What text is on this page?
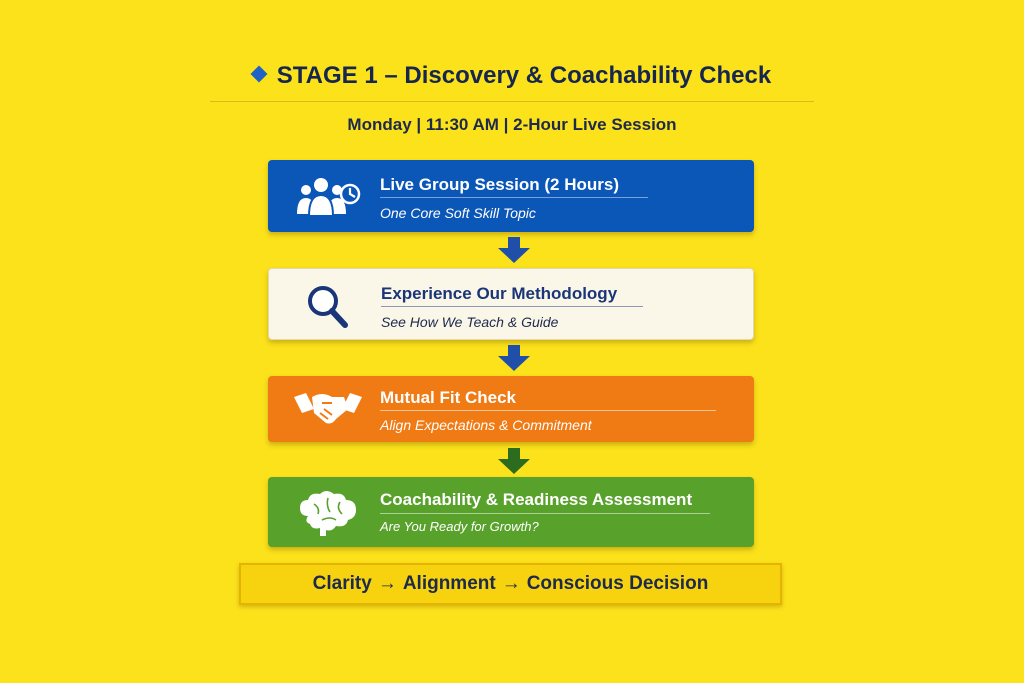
STAGE 1 – Discovery & Coachability Check
Monday | 11:30 AM | 2-Hour Live Session
Live Group Session (2 Hours)
One Core Soft Skill Topic
Experience Our Methodology
See How We Teach & Guide
Mutual Fit Check
Align Expectations & Commitment
Coachability & Readiness Assessment
Are You Ready for Growth?
Clarity → Alignment → Conscious Decision
